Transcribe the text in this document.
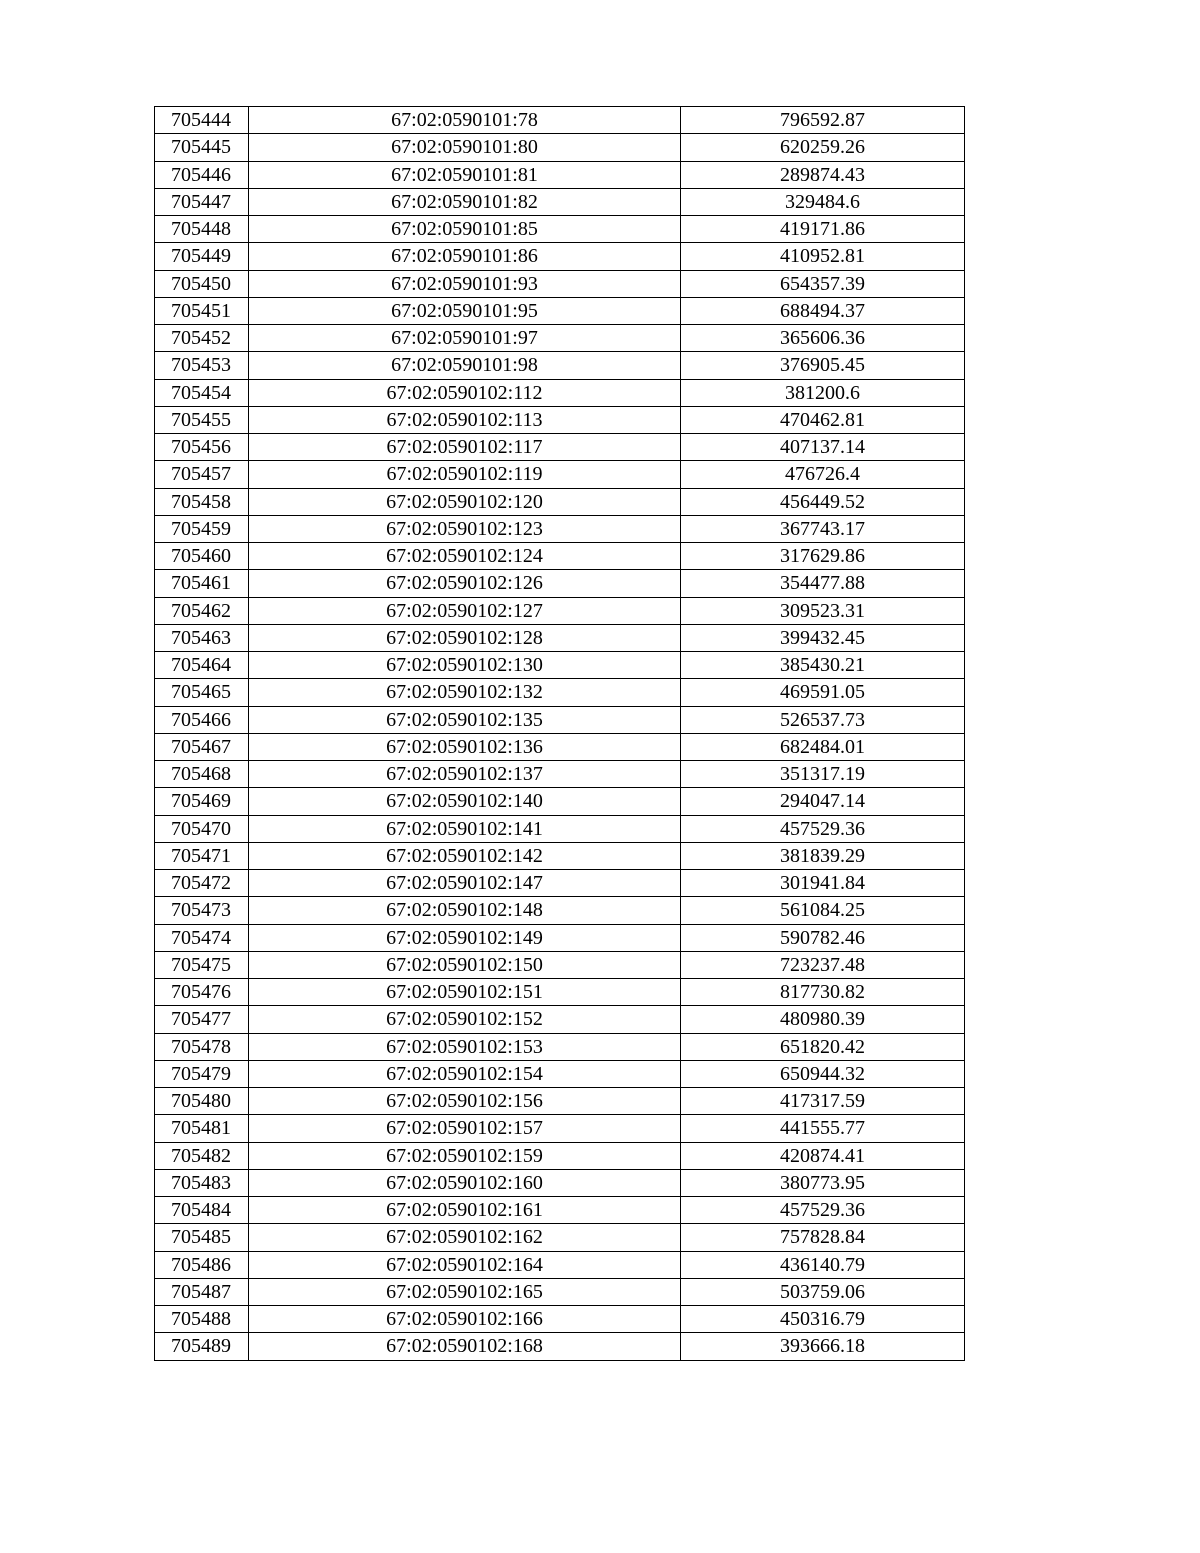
705444	67:02:0590101:78	796592.87
705445	67:02:0590101:80	620259.26
705446	67:02:0590101:81	289874.43
705447	67:02:0590101:82	329484.6
705448	67:02:0590101:85	419171.86
705449	67:02:0590101:86	410952.81
705450	67:02:0590101:93	654357.39
705451	67:02:0590101:95	688494.37
705452	67:02:0590101:97	365606.36
705453	67:02:0590101:98	376905.45
705454	67:02:0590102:112	381200.6
705455	67:02:0590102:113	470462.81
705456	67:02:0590102:117	407137.14
705457	67:02:0590102:119	476726.4
705458	67:02:0590102:120	456449.52
705459	67:02:0590102:123	367743.17
705460	67:02:0590102:124	317629.86
705461	67:02:0590102:126	354477.88
705462	67:02:0590102:127	309523.31
705463	67:02:0590102:128	399432.45
705464	67:02:0590102:130	385430.21
705465	67:02:0590102:132	469591.05
705466	67:02:0590102:135	526537.73
705467	67:02:0590102:136	682484.01
705468	67:02:0590102:137	351317.19
705469	67:02:0590102:140	294047.14
705470	67:02:0590102:141	457529.36
705471	67:02:0590102:142	381839.29
705472	67:02:0590102:147	301941.84
705473	67:02:0590102:148	561084.25
705474	67:02:0590102:149	590782.46
705475	67:02:0590102:150	723237.48
705476	67:02:0590102:151	817730.82
705477	67:02:0590102:152	480980.39
705478	67:02:0590102:153	651820.42
705479	67:02:0590102:154	650944.32
705480	67:02:0590102:156	417317.59
705481	67:02:0590102:157	441555.77
705482	67:02:0590102:159	420874.41
705483	67:02:0590102:160	380773.95
705484	67:02:0590102:161	457529.36
705485	67:02:0590102:162	757828.84
705486	67:02:0590102:164	436140.79
705487	67:02:0590102:165	503759.06
705488	67:02:0590102:166	450316.79
705489	67:02:0590102:168	393666.18
